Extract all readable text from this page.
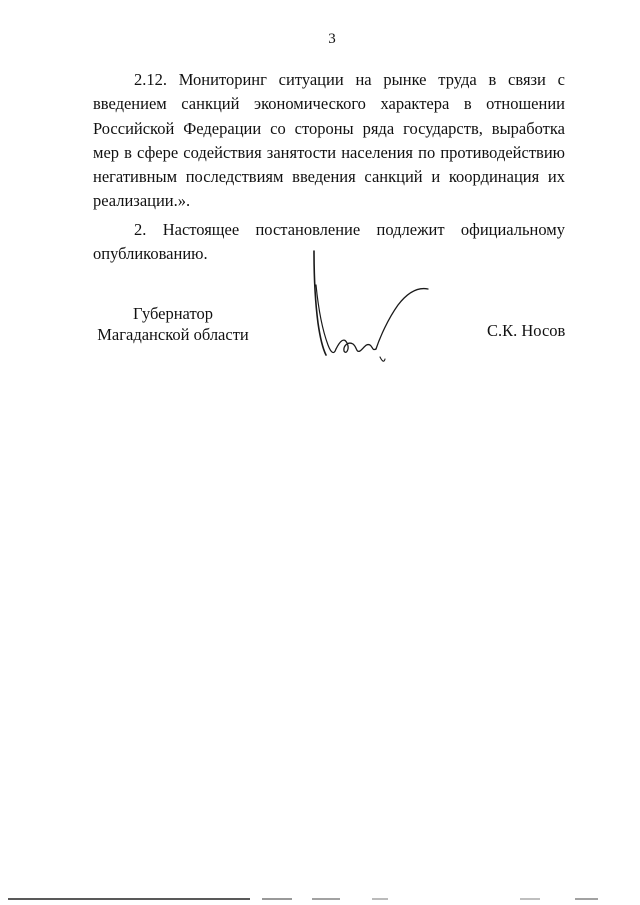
3

2.12. Мониторинг ситуации на рынке труда в связи с введением санкций экономического характера в отношении Российской Федерации со стороны ряда государств, выработка мер в сфере содействия занятости населения по противодействию негативным последствиям введения санкций и координация их реализации.».

2. Настоящее постановление подлежит официальному
опубликованию.
Губернатор
Магаданской области	С.К. Носов
